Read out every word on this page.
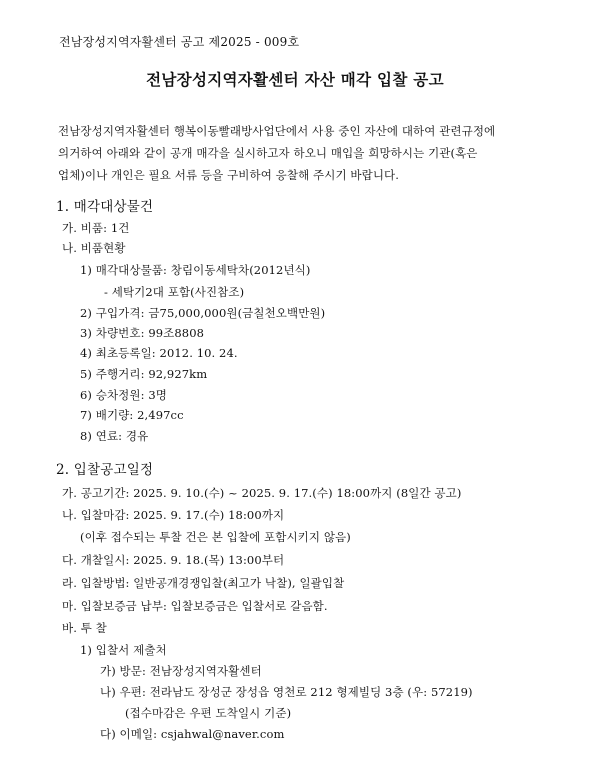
전남장성지역자활센터 공고 제2025 - 009호
전남장성지역자활센터 자산 매각 입찰 공고

전남장성지역자활센터 행복이동빨래방사업단에서 사용 중인 자산에 대하여 관련규정에

의거하여 아래와 같이 공개 매각을 실시하고자 하오니 매입을 희망하시는 기관(혹은

업체)이나 개인은 필요 서류 등을 구비하여 응찰해 주시기 바랍니다.

1. 매각대상물건
가. 비품: 1건
나. 비품현황
1) 매각대상물품: 창림이동세탁차(2012년식)
- 세탁기2대 포함(사진참조)
2) 구입가격: 금75,000,000원(금칠천오백만원)
3) 차량번호: 99조8808
4) 최초등록일: 2012. 10. 24.
5) 주행거리: 92,927km
6) 승차정원: 3명
7) 배기량: 2,497cc
8) 연료: 경유
2. 입찰공고일정
가. 공고기간: 2025. 9. 10.(수) ~ 2025. 9. 17.(수) 18:00까지 (8일간 공고)
나. 입찰마감: 2025. 9. 17.(수) 18:00까지
(이후 접수되는 투찰 건은 본 입찰에 포함시키지 않음)
다. 개찰일시: 2025. 9. 18.(목) 13:00부터
라. 입찰방법: 일반공개경쟁입찰(최고가 낙찰), 일괄입찰
마. 입찰보증금 납부: 입찰보증금은 입찰서로 갈음함.
바. 투 찰
1) 입찰서 제출처
가) 방문: 전남장성지역자활센터
나) 우편: 전라남도 장성군 장성읍 영천로 212 형제빌딩 3층 (우: 57219)
(접수마감은 우편 도착일시 기준)
다) 이메일: csjahwal@naver.com
